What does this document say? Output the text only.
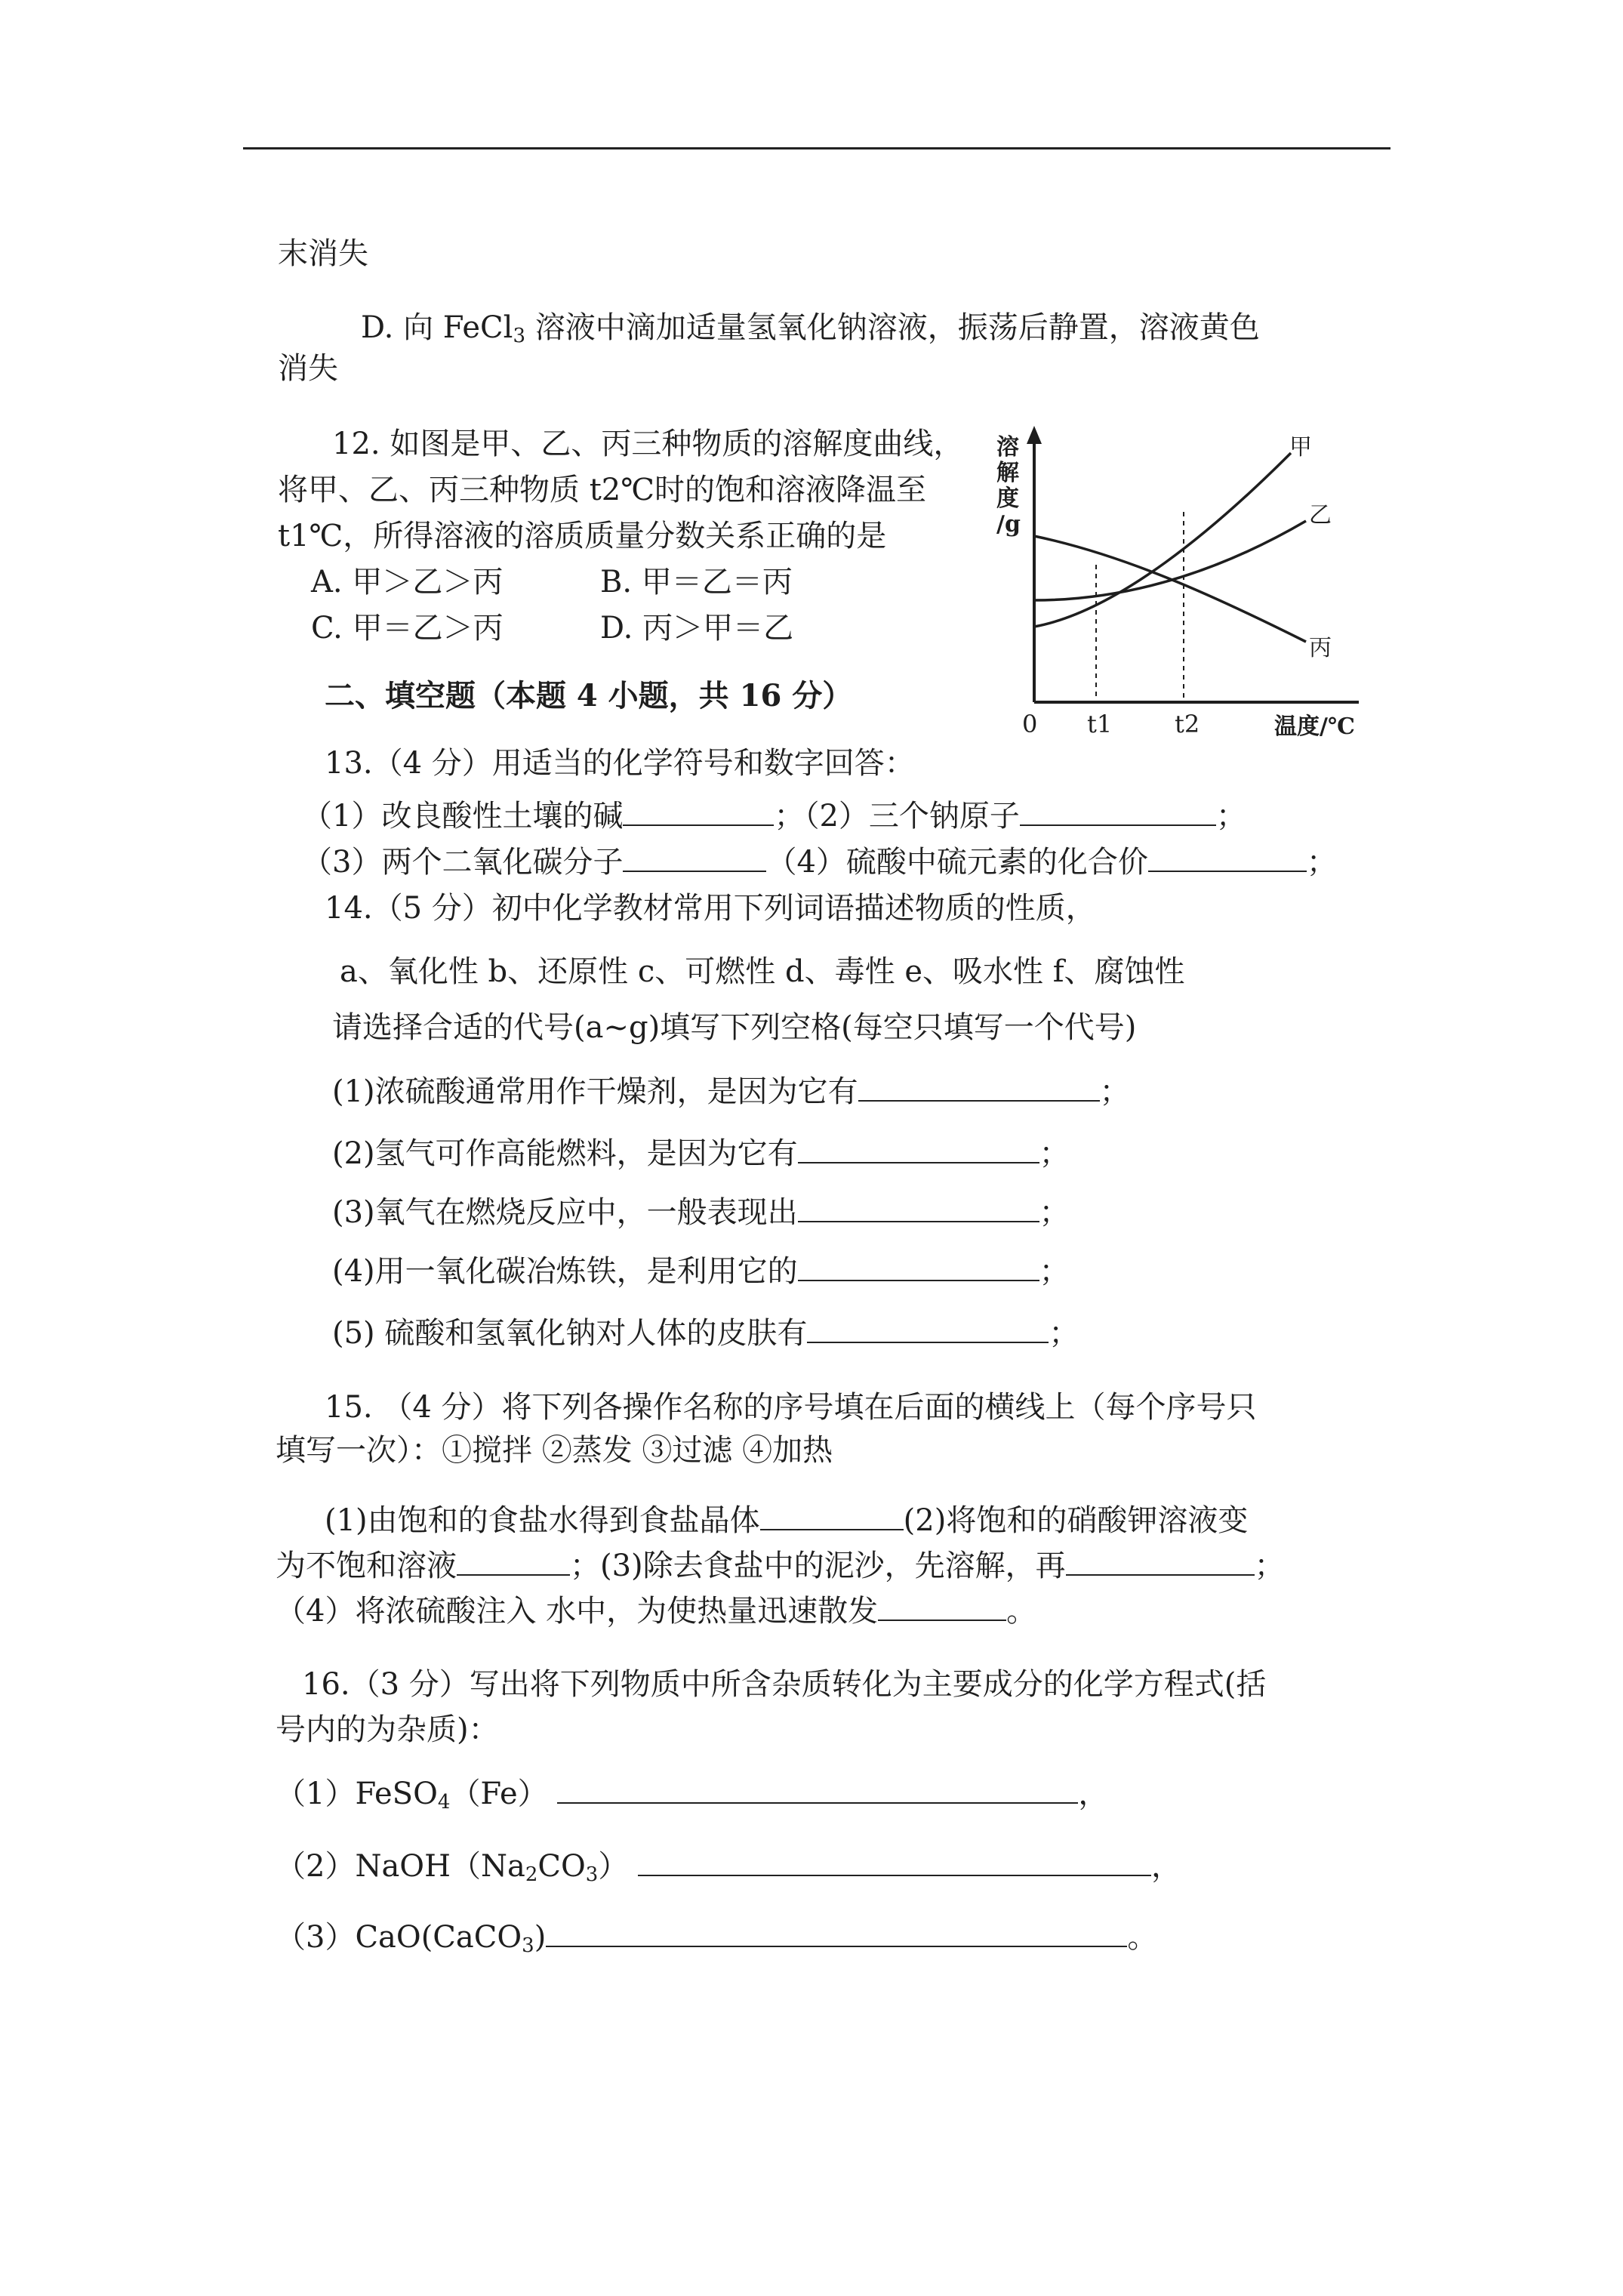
末消失
D. 向 FeCl$_3$ 溶液中滴加适量氢氧化钠溶液，振荡后静置，溶液黄色
消失
12. 如图是甲、乙、丙三种物质的溶解度曲线，
将甲、乙、丙三种物质 t2℃时的饱和溶液降温至
t1℃，所得溶液的溶质质量分数关系正确的是
A. 甲＞乙＞丙	B. 甲＝乙＝丙
C. 甲＝乙＞丙	D. 丙＞甲＝乙
溶
解
度
/g
甲
乙
丙
0 t1	t2	温度/℃
二、填空题（本题 4 小题，共 16 分）
13.（4 分）用适当的化学符号和数字回答：
（1）改良酸性土壤的碱	；（2）三个钠原子	；
（3）两个二氧化碳分子	（4）硫酸中硫元素的化合价	；
14.（5 分）初中化学教材常用下列词语描述物质的性质，
a、氧化性 b、还原性 c、可燃性 d、毒性 e、吸水性 f、腐蚀性
请选择合适的代号(a~g)填写下列空格(每空只填写一个代号)
(1)浓硫酸通常用作干燥剂，是因为它有	；
(2)氢气可作高能燃料，是因为它有	；
(3)氧气在燃烧反应中，一般表现出	；
(4)用一氧化碳冶炼铁，是利用它的	；
(5) 硫酸和氢氧化钠对人体的皮肤有	；
15. （4 分）将下列各操作名称的序号填在后面的横线上（每个序号只
填写一次）：①搅拌 ②蒸发 ③过滤 ④加热
(1)由饱和的食盐水得到食盐晶体	(2)将饱和的硝酸钾溶液变
为不饱和溶液	；(3)除去食盐中的泥沙，先溶解，再	；
（4）将浓硫酸注入 水中，为使热量迅速散发	。
16.（3 分）写出将下列物质中所含杂质转化为主要成分的化学方程式(括
号内的为杂质)：
（1）FeSO$_4$（Fe）	，
$(2)NaOH(Na_2CO_3)$	，
（3）CaO(CaCO$_3$)	。
